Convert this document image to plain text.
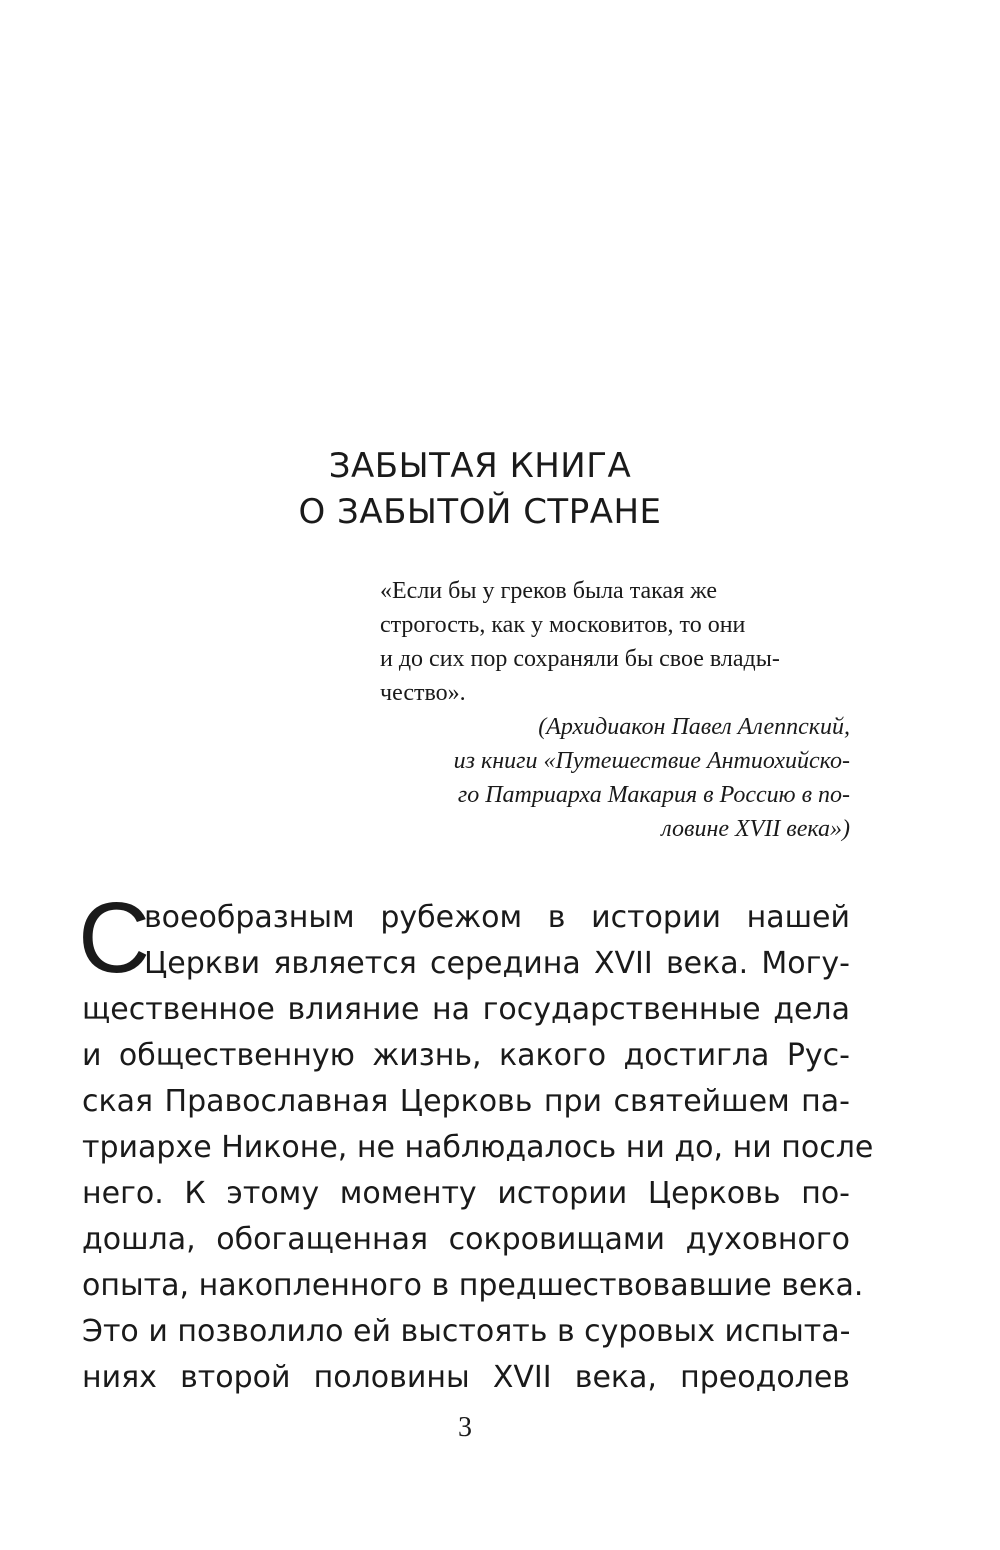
ЗАБЫТАЯ КНИГА
О ЗАБЫТОЙ СТРАНЕ
«Если бы у греков была такая же
строгость, как у московитов, то они
и до сих пор сохраняли бы свое влады-
чество».
(Архидиакон Павел Алеппский,
из книги «Путешествие Антиохийско-
го Патриарха Макария в Россию в по-
ловине XVII века»)
С
воеобразным рубежом в истории нашей
Церкви является середина XVII века. Могу-
щественное влияние на государственные дела
и общественную жизнь, какого достигла Рус-
ская Православная Церковь при святейшем па-
триархе Никоне, не наблюдалось ни до, ни после
него. К этому моменту истории Церковь по-
дошла, обогащенная сокровищами духовного
опыта, накопленного в предшествовавшие века.
Это и позволило ей выстоять в суровых испыта-
ниях второй половины XVII века, преодолев
3
